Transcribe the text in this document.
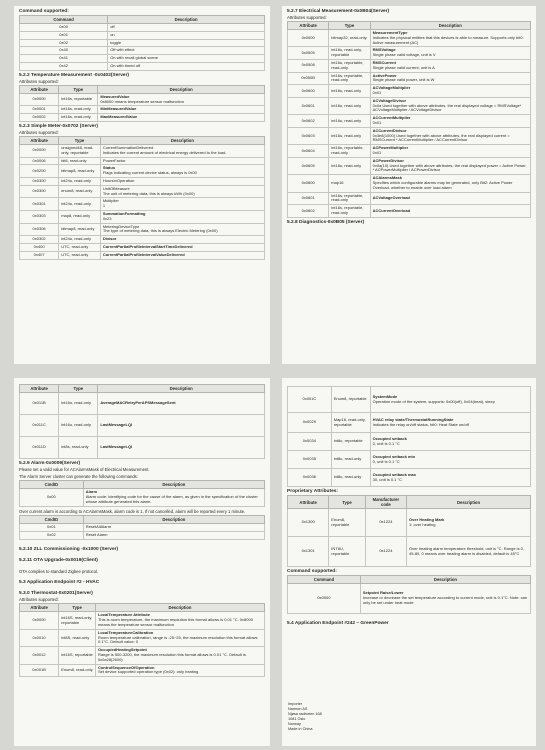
Command supported:
Command	Description
0x00	off
0x01	on
0x02	toggle
0x40	Off with effect
0x41	On with recall global scene
0x42	On with timed off
5.2.2 Temperature Measurement -0x0402(Server)
Attributes supported:
Attribute	Type	Description
0x0000	int16s, reportable	MeasuredValue
0x8000 means temperature sensor malfunction
0x0001	int16s, read-only	MinMeasuredValue

0x0002	int16s, read-only	MaxMeasuredValue
5.2.3 Simple Meter-0x0702 (Server)
Attributes supported:
Attribute	Type	Description
0x0000	unsigned48, read-only, reportable	CurrentSummationDelivered
Indicates the current amount of electrical energy delivered to the load.
0x0006	bit8, read-only	PowerFactor
0x0200	bitmap8, read-only	Status
Flags indicating current device status, always is 0x00
0x0300	int24u, read-only	HoursInOperation
0x0300	enum8, read-only	UnitOfMeasure
The unit of metering data, this is always kWh (0x00)
0x0301	int24u, read-only	Multiplier
1
0x0303	map8, read-only	SummationFormatting
0x23
0x0306	bitmap8, read-only	MeteringDeviceType
The type of metering data, this is always Electric Metering (0x00)
0x0302	int24u, read-only	Divisor

0x400	UTC, read-only	CurrentPartialProfileIntervalStartTimeDelivered

0x407	UTC, read-only	CurrentPartialProfileIntervalValueDelivered
5.2.7 Electrical Measurement-0x0B04(Server)
Attributes supported:
Attribute	Type	Description
0x0000	bitmap32, read-only	MeasurementType
Indicates the physical entities that this devices is able to measure. Supports only bit0: Active measurement (AC)
0x0505	int16u, read-only, reportable	RMSVoltage
Single phase valid voltage, unit is V
0x0508	int16u, reportable, read-only	RMSCurrent
Single phase valid current, unit is A
0x050B	int16s, reportable, read-only	ActivePower
Single phase valid power, unit is W
0x0600	int16u, read-only	ACVoltageMultiplier
0x01
0x0601	int16u, read-only	ACVoltageDivisor
0x0a Used together with above attributes, the real displayed voltage = RMSVoltage* ACVoltageMultiplier / ACVoltageDivisor
0x0602	int16u, read-only	ACCurrentMultiplier
0x01
0x0603	int16u, read-only	ACCurrentDivisor
0x3e8(1000) Used together with above attributes, the real displayed current = RMSCurrent * ACCurrentMultiplier / ACCurrentDivisor
0x0604	int16u, reportable, read-only	ACPowerMultiplier
0x01
0x0605	int16u, read-only	ACPowerDivisor
0x0a(10) Used together with above attributes, the real displayed power = Active Power * ACPowerMultiplier / ACPowerDivisor
0x0800	map16	ACAlarmsMask
Specifies which configurable alarms may be generated, only Bit2: Active Power Overload, whether to enable over load alarm
0x0801	int16s, reportable, read-only	ACVoltageOverload

0x0802	int16s, reportable, read-only	ACCurrentOverload
5.2.8 Diagnostics-0x0B05 (Server)
Attribute	Type	Description
0x011B	int16u, read-only	AverageMACRetryPerAPSMessageSent

0x011C	int16u, read-only	LastMessageLQI

0x011D	int8s, read-only	LastMessageLQI
5.2.9 Alarm-0x0009(Server)
Please set a valid value for ACAlarmsMask of Electrical Measurement.
The Alarm Server cluster can generate the following commands:
CmdID	Description
0x00	Alarm
Alarm code: Identifying code for the cause of the alarm, as given in the specification of the cluster whose attribute generated this alarm.
Over current alarm is according to ACAlarmsMask, alarm code is 1. If not cancelled, alarm will be reported every 1 minute.
CmdID	Description
0x01	ResetAllAlarm
0x02	Reset Alarm
5.2.10 ZLL Commissioning -0x1000 (Server)
5.2.11 OTA Upgrade-0x0019(Client)
OTA complies to standard Zigbee protocol.
5.3 Application Endpoint #2 - HVAC
5.3.0 Thermostat-0x0201(Server)
Attributes supported:
Attribute	Type	Description
0x0000	int16S, read-only, reportable	LocalTemperature Attribute
This is room temperature, the maximum resolution this format allows is 0.01 °C. 0x8000 means the temperature sensor malfunction
0x0010	int8S, read-only	LocalTemperatureCalibration
Room temperature calibration, range is -25~25, the maximum resolution this format allows 0.1°C. Default value: 0
0x0012	int16S, reportable	OccupiedHeatingSetpoint
Range is 500-3200, the maximum resolution this format allows is 0.01 °C. Default is 0x0a28(2600)
0x001B	Enum8, read-only	ControlSequenceOfOperation
Set device supported operation type (0x02): only heating
0x001C	Enum8, reportable	SystemMode
Operation mode of the system, supports: 0x00(off), 0x04(heat), sleep
0x0029	Map16, read-only, reportable	HVAC relay state/ThermostatRunningState
Indicates the relay on/off status, bit0: Heat State on/off
0x0034	int8u, reportable	Occupied setback
0, unit is 0.1 °C
0x0035	int8u, read-only	Occupied setback min
0, unit is 0.1 °C
0x0036	int8u, read-only	Occupied setback max
30, unit is 0.1 °C
Proprietary Attributes:
Attribute	Type	Manufacturer code	Description
0x1300	Enum8, reportable	0x1224	Over Heating Mark
1: over heating
0x1301	INT8U, reportable	0x1224	Over heating alarm temperature threshold, unit is °C. Range is 0, 45-80, 0 means over heating alarm is disabled, default is 45°C
Command supported:
Command	Description
0x0000	Setpoint Raise/Lower
Increase or decrease the set temperature according to current mode, unit is 0.1°C. Note: can only be set under heat mode
5.4 Application Endpoint #242 – GreenPower

Importer

Namron AS

Njøsa radiveien 168

1081 Oslo

Norway

Made in China
